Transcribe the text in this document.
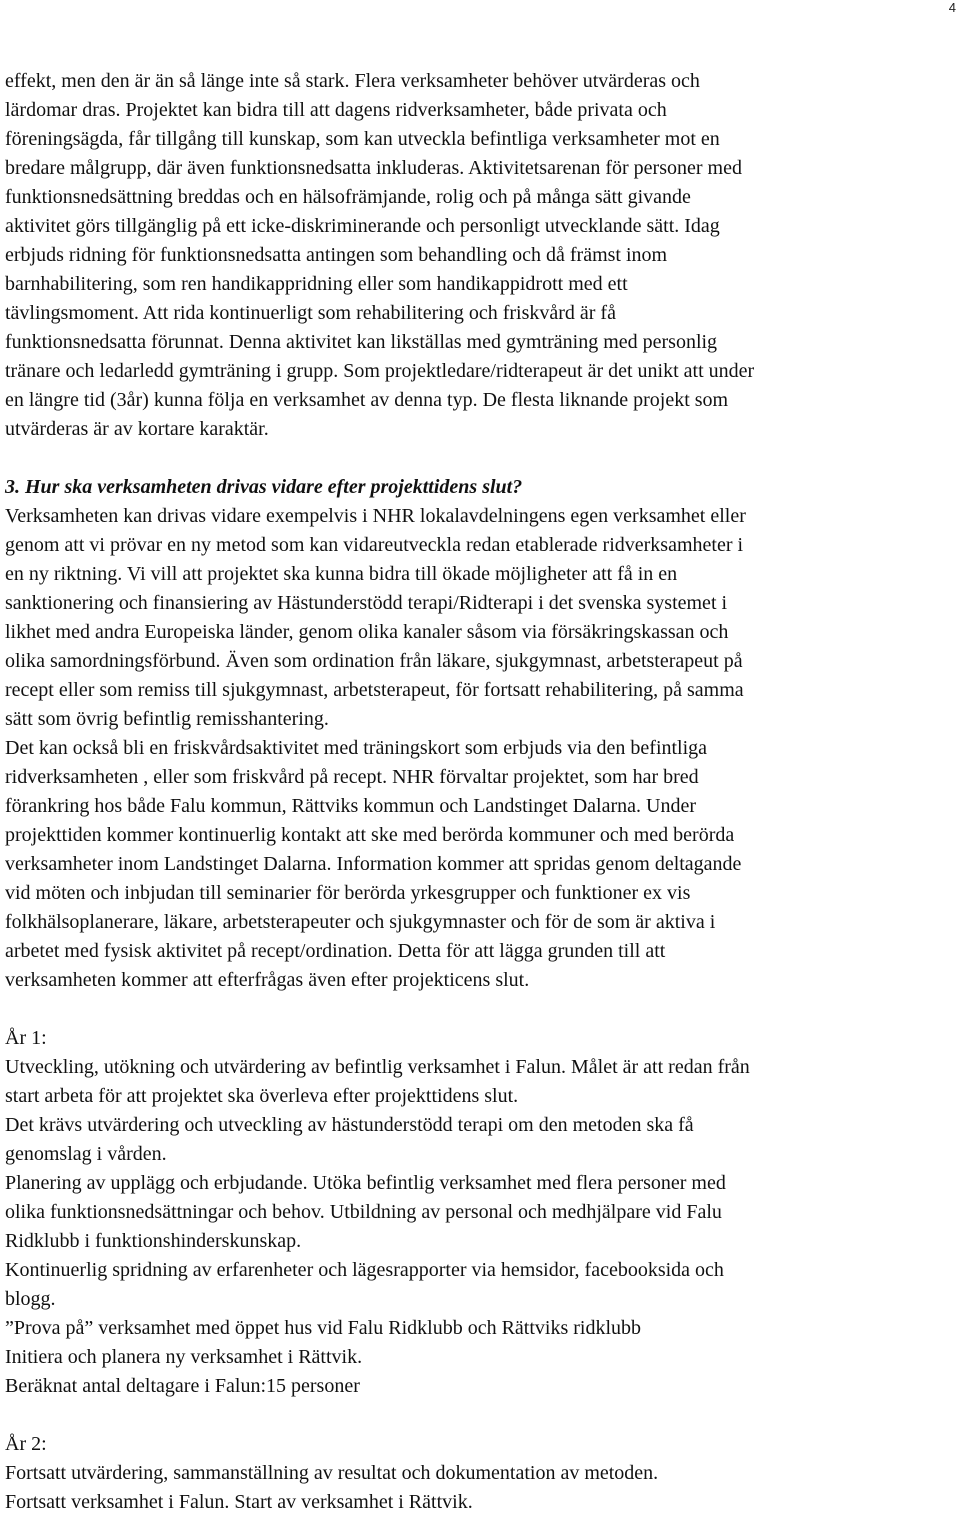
4

effekt, men den är än så länge inte så stark. Flera verksamheter behöver utvärderas och

lärdomar dras. Projektet kan bidra till att dagens ridverksamheter, både privata och

föreningsägda, får tillgång till kunskap, som kan utveckla befintliga verksamheter mot en

bredare målgrupp, där även funktionsnedsatta inkluderas. Aktivitetsarenan för personer med

funktionsnedsättning breddas och en hälsofrämjande, rolig och på många sätt givande

aktivitet görs tillgänglig på ett icke-diskriminerande och personligt utvecklande sätt. Idag

erbjuds ridning för funktionsnedsatta antingen som behandling och då främst inom

barnhabilitering, som ren handikappridning eller som handikappidrott med ett

tävlingsmoment. Att rida kontinuerligt som rehabilitering och friskvård är få

funktionsnedsatta förunnat. Denna aktivitet kan likställas med gymträning med personlig

tränare och ledarledd gymträning i grupp. Som projektledare/ridterapeut är det unikt att under

en längre tid (3år) kunna följa en verksamhet av denna typ. De flesta liknande projekt som

utvärderas är av kortare karaktär.

3. Hur ska verksamheten drivas vidare efter projekttidens slut?

Verksamheten kan drivas vidare exempelvis i NHR lokalavdelningens egen verksamhet eller

genom att vi prövar en ny metod som kan vidareutveckla redan etablerade ridverksamheter i

en ny riktning. Vi vill att projektet ska kunna bidra till ökade möjligheter att få in en

sanktionering och finansiering av Hästunderstödd terapi/Ridterapi i det svenska systemet i

likhet med andra Europeiska länder, genom olika kanaler såsom via försäkringskassan och

olika samordningsförbund. Även som ordination från läkare, sjukgymnast, arbetsterapeut på

recept eller som remiss till sjukgymnast, arbetsterapeut, för fortsatt rehabilitering, på samma

sätt som övrig befintlig remisshantering.

Det kan också bli en friskvårdsaktivitet med träningskort som erbjuds via den befintliga

ridverksamheten , eller som friskvård på recept. NHR förvaltar projektet, som har bred

förankring hos både Falu kommun, Rättviks kommun och Landstinget Dalarna. Under

projekttiden kommer kontinuerlig kontakt att ske med berörda kommuner och med berörda

verksamheter inom Landstinget Dalarna. Information kommer att spridas genom deltagande

vid möten och inbjudan till seminarier för berörda yrkesgrupper och funktioner ex vis

folkhälsoplanerare, läkare, arbetsterapeuter och sjukgymnaster och för de som är aktiva i

arbetet med fysisk aktivitet på recept/ordination. Detta för att lägga grunden till att

verksamheten kommer att efterfrågas även efter projekticens slut.

År 1:

Utveckling, utökning och utvärdering av befintlig verksamhet i Falun. Målet är att redan från

start arbeta för att projektet ska överleva efter projekttidens slut.

Det krävs utvärdering och utveckling av hästunderstödd terapi om den metoden ska få

genomslag i vården.

Planering av upplägg och erbjudande. Utöka befintlig verksamhet med flera personer med

olika funktionsnedsättningar och behov. Utbildning av personal och medhjälpare vid Falu

Ridklubb i funktionshinderskunskap.

Kontinuerlig spridning av erfarenheter och lägesrapporter via hemsidor, facebooksida och

blogg.

”Prova på” verksamhet med öppet hus vid Falu Ridklubb och Rättviks ridklubb

Initiera och planera ny verksamhet i Rättvik.

Beräknat antal deltagare i Falun:15 personer

År 2:

Fortsatt utvärdering, sammanställning av resultat och dokumentation av metoden.

Fortsatt verksamhet i Falun. Start av verksamhet i Rättvik.
